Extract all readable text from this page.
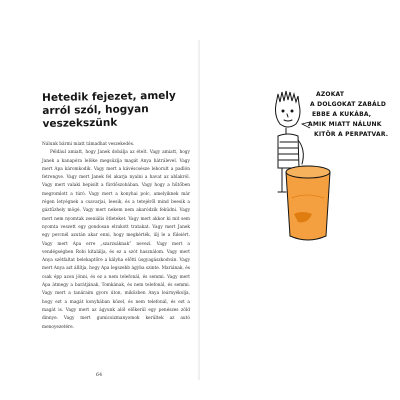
Hetedik fejezet, amely arról szól, hogyan veszekszünk

Nálunk bármi miatt támadhat veszekedés.

Például amiatt, hogy Janek dobálja az ételt. Vagy amiatt, hogy Janek a kanapéra lelöke megsüzíja magát Anya hátrálevel. Vagy mert Apa káromkodik. Vagy mert a kávéscsésze leborult a padlón fetrengve. Vagy mert Janek fel akarja nyalni a havat az ablakról. Vagy mert valaki bepisilt a fürdőszobában. Vagy hogy a hűtőben megromlott a túró. Vagy mert a konyhai polc, amelyiknek már régen letyégnek a csavarjai, leesik, és a tetejéről mind beesik a gáztűzhely mögé. Vagy mert nekem nem akaródzik feküdni. Vagy mert nem nyomtak zseniális ötleteket. Vagy mert akkor ki mit sem nyomta veszett egy gondosan elrakott tratakat. Vagy mert Janek egy percnél azután akar enni, hogy megkérték, ülj le a füleiért. Vagy mert Apa erre „szarzsáknak” nevezi. Vagy mert a vendégségben Robi kitalálja, és ez a szót használom. Vagy mert Anya szétfaltat belekaptőre a kályha előtti úsgyagászkodván. Vagy mert Anya azt állítja, hogy Apa legszebb ágyba szinte. Mariának, és csak épp azon jönni, és ez a nem telefonál, és semmi. Vagy mert Apa átmegy a barátjának, Tomkának, és nem telefonál, és semmi. Vagy mert a tanáraim gyors úton, miközben Anya leárnyékolja, hogy ezt a magát konyhában közel, és nem telefonál, és ezt a magát is. Vagy mert az ágyunk alól előkerül egy penészes zöld dinnye. Vagy mert gumicsizmanyomok kerültek az autó menoyezetére.

64

AZOKAT
A DOLGOKAT ZABÁLD
EBBE A KUKÁBA,
AMIK MIATT NÁLUNK
KITÖR A PERPATVAR.
